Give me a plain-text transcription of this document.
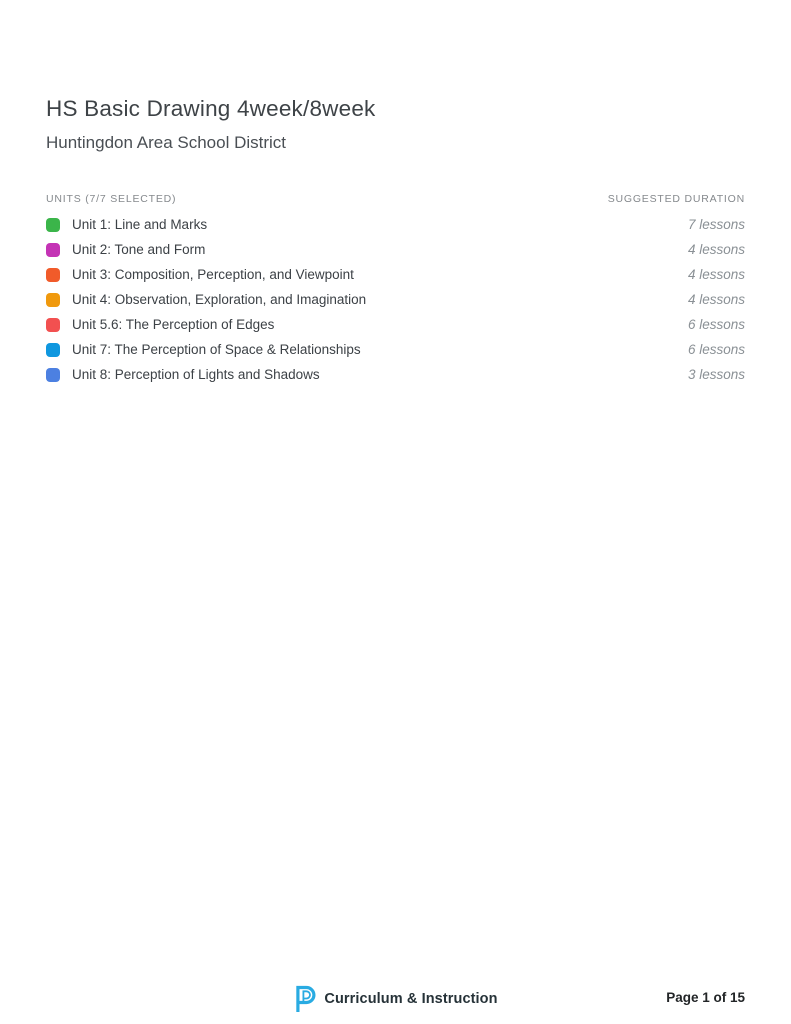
HS Basic Drawing 4week/8week
Huntingdon Area School District
UNITS (7/7 SELECTED)	SUGGESTED DURATION
Unit 1: Line and Marks	7 lessons
Unit 2: Tone and Form	4 lessons
Unit 3: Composition, Perception, and Viewpoint	4 lessons
Unit 4: Observation, Exploration, and Imagination	4 lessons
Unit 5.6: The Perception of Edges	6 lessons
Unit 7: The Perception of Space & Relationships	6 lessons
Unit 8: Perception of Lights and Shadows	3 lessons
Curriculum & Instruction	Page 1 of 15
